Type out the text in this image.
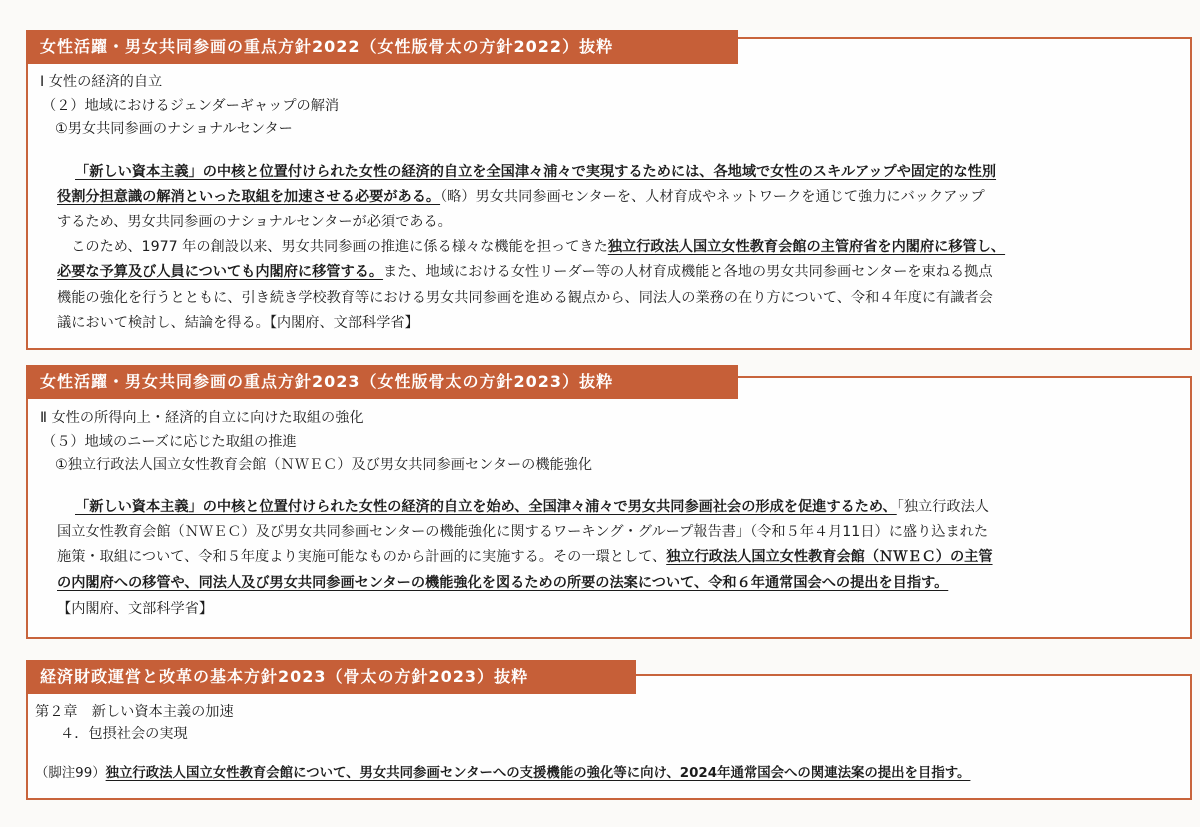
女性活躍・男女共同参画の重点方針2022（女性版骨太の方針2022）抜粋
Ⅰ 女性の経済的自立
（２）地域におけるジェンダーギャップの解消
①男女共同参画のナショナルセンター
「新しい資本主義」の中核と位置付けられた女性の経済的自立を全国津々浦々で実現するためには、各地域で女性のスキルアップや固定的な性別
役割分担意識の解消といった取組を加速させる必要がある。（略）男女共同参画センターを、人材育成やネットワークを通じて強力にバックアップ
するため、男女共同参画のナショナルセンターが必須である。
　このため、1977 年の創設以来、男女共同参画の推進に係る様々な機能を担ってきた独立行政法人国立女性教育会館の主管府省を内閣府に移管し、
必要な予算及び人員についても内閣府に移管する。また、地域における女性リーダー等の人材育成機能と各地の男女共同参画センターを束ねる拠点
機能の強化を行うとともに、引き続き学校教育等における男女共同参画を進める観点から、同法人の業務の在り方について、令和４年度に有識者会
議において検討し、結論を得る。【内閣府、文部科学省】
女性活躍・男女共同参画の重点方針2023（女性版骨太の方針2023）抜粋
Ⅱ 女性の所得向上・経済的自立に向けた取組の強化
（５）地域のニーズに応じた取組の推進
①独立行政法人国立女性教育会館（ＮＷＥＣ）及び男女共同参画センターの機能強化
「新しい資本主義」の中核と位置付けられた女性の経済的自立を始め、全国津々浦々で男女共同参画社会の形成を促進するため、「独立行政法人
国立女性教育会館（ＮＷＥＣ）及び男女共同参画センターの機能強化に関するワーキング・グループ報告書」（令和５年４月11日）に盛り込まれた
施策・取組について、令和５年度より実施可能なものから計画的に実施する。その一環として、独立行政法人国立女性教育会館（ＮＷＥＣ）の主管
の内閣府への移管や、同法人及び男女共同参画センターの機能強化を図るための所要の法案について、令和６年通常国会への提出を目指す。
【内閣府、文部科学省】
経済財政運営と改革の基本方針2023（骨太の方針2023）抜粋
第２章　新しい資本主義の加速
４．包摂社会の実現
（脚注99）独立行政法人国立女性教育会館について、男女共同参画センターへの支援機能の強化等に向け、2024年通常国会への関連法案の提出を目指す。
